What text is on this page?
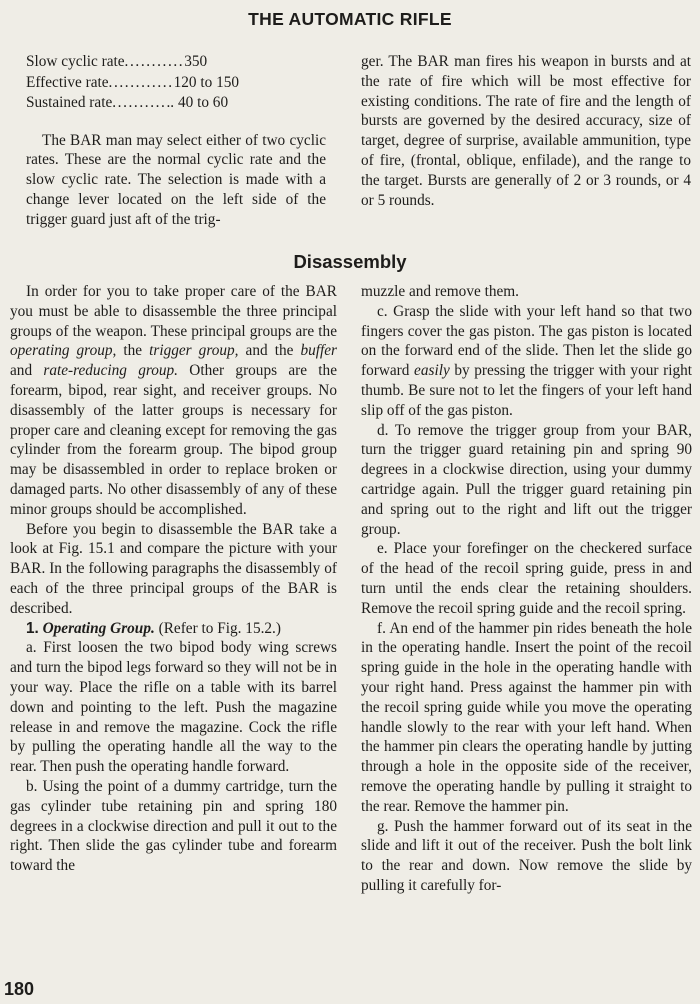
THE AUTOMATIC RIFLE
Slow cyclic rate ........... 350
Effective rate ............ 120 to 150
Sustained rate .......... .. 40 to 60

The BAR man may select either of two cyclic rates. These are the normal cyclic rate and the slow cyclic rate. The selection is made with a change lever located on the left side of the trigger guard just aft of the trig-

ger. The BAR man fires his weapon in bursts and at the rate of fire which will be most effective for existing conditions. The rate of fire and the length of bursts are governed by the desired accuracy, size of target, degree of surprise, available ammunition, type of fire, (frontal, oblique, enfilade), and the range to the target. Bursts are generally of 2 or 3 rounds, or 4 or 5 rounds.

Disassembly

In order for you to take proper care of the BAR you must be able to disassemble the three principal groups of the weapon. These principal groups are the operating group, the trigger group, and the buffer and rate-reducing group. Other groups are the forearm, bipod, rear sight, and receiver groups. No disassembly of the latter groups is necessary for proper care and cleaning except for removing the gas cylinder from the forearm group. The bipod group may be disassembled in order to replace broken or damaged parts. No other disassembly of any of these minor groups should be accomplished.

Before you begin to disassemble the BAR take a look at Fig. 15.1 and compare the picture with your BAR. In the following paragraphs the disassembly of each of the three principal groups of the BAR is described.

1. Operating Group. (Refer to Fig. 15.2.)

a. First loosen the two bipod body wing screws and turn the bipod legs forward so they will not be in your way. Place the rifle on a table with its barrel down and pointing to the left. Push the magazine release in and remove the magazine. Cock the rifle by pulling the operating handle all the way to the rear. Then push the operating handle forward.

b. Using the point of a dummy cartridge, turn the gas cylinder tube retaining pin and spring 180 degrees in a clockwise direction and pull it out to the right. Then slide the gas cylinder tube and forearm toward the

muzzle and remove them.

c. Grasp the slide with your left hand so that two fingers cover the gas piston. The gas piston is located on the forward end of the slide. Then let the slide go forward easily by pressing the trigger with your right thumb. Be sure not to let the fingers of your left hand slip off of the gas piston.

d. To remove the trigger group from your BAR, turn the trigger guard retaining pin and spring 90 degrees in a clockwise direction, using your dummy cartridge again. Pull the trigger guard retaining pin and spring out to the right and lift out the trigger group.

e. Place your forefinger on the checkered surface of the head of the recoil spring guide, press in and turn until the ends clear the retaining shoulders. Remove the recoil spring guide and the recoil spring.

f. An end of the hammer pin rides beneath the hole in the operating handle. Insert the point of the recoil spring guide in the hole in the operating handle with your right hand. Press against the hammer pin with the recoil spring guide while you move the operating handle slowly to the rear with your left hand. When the hammer pin clears the operating handle by jutting through a hole in the opposite side of the receiver, remove the operating handle by pulling it straight to the rear. Remove the hammer pin.

g. Push the hammer forward out of its seat in the slide and lift it out of the receiver. Push the bolt link to the rear and down. Now remove the slide by pulling it carefully for-

180
